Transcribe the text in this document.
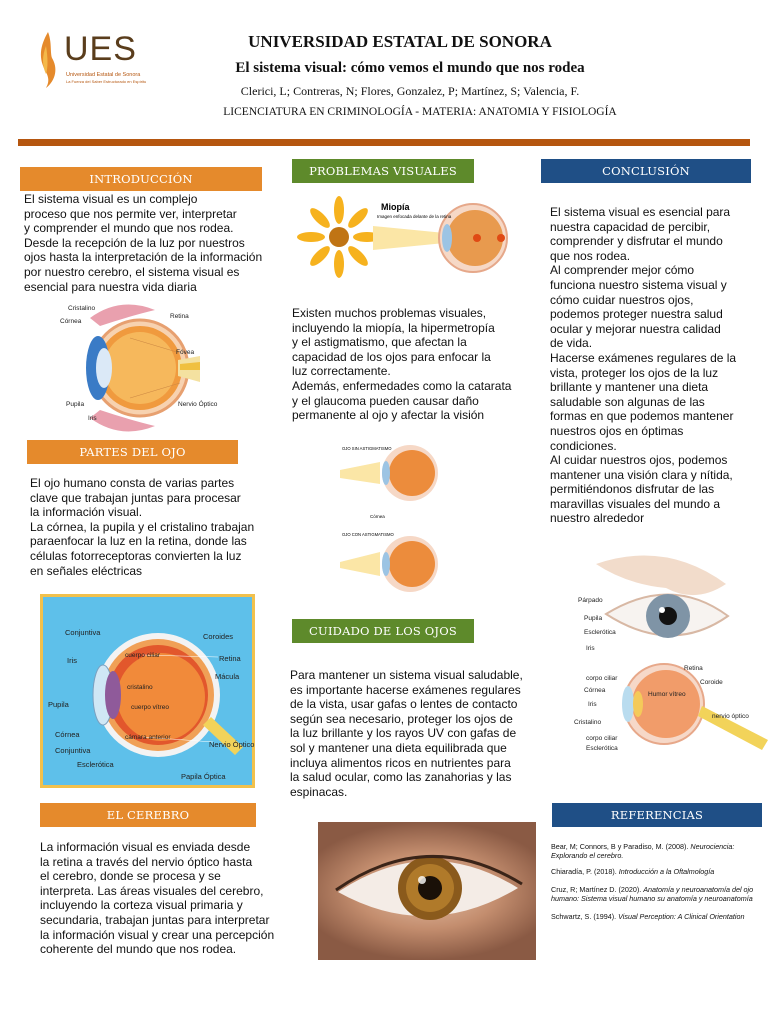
UES
Universidad Estatal de Sonora
La Fuerza del Saber Estructurado en Espíritu
UNIVERSIDAD ESTATAL DE SONORA
El sistema visual: cómo vemos el mundo que nos rodea
Clerici, L; Contreras, N; Flores, Gonzalez, P; Martínez, S; Valencia, F.
LICENCIATURA EN CRIMINOLOGÍA - MATERIA: ANATOMIA Y FISIOLOGÍA
INTRODUCCIÓN
El sistema visual es un complejo
proceso que nos permite ver, interpretar
y comprender el mundo que nos rodea.
Desde la recepción de la luz por nuestros
ojos hasta la interpretación de la información
por nuestro cerebro, el sistema visual es
esencial para nuestra vida diaria
Cristalino
Córnea
Retina
Fóvea
Nervio Óptico
Pupila
Iris
PARTES DEL OJO
El ojo humano consta de varias partes
clave que trabajan juntas para procesar
la información visual.
La córnea, la pupila y el cristalino trabajan
paraenfocar la luz en la retina, donde las
células fotorreceptoras convierten la luz
en señales eléctricas
Conjuntiva
Iris
Pupila
Córnea
Conjuntiva
Esclerótica
Coroides
Retina
Mácula
Nervio Óptico
Papila Óptica
cuerpo ciliar
cristalino
cuerpo vítreo
cámara anterior
EL CEREBRO
La información visual es enviada desde
la retina a través del nervio óptico hasta
el cerebro, donde se procesa y se
interpreta. Las áreas visuales del cerebro,
incluyendo la corteza visual primaria y
secundaria, trabajan juntas para interpretar
la información visual y crear una percepción
coherente del mundo que nos rodea.
PROBLEMAS VISUALES
Miopía
Imagen enfocada delante de la retina
Existen muchos problemas visuales,
incluyendo la miopía, la hipermetropía
y el astigmatismo, que afectan la
capacidad de los ojos para enfocar la
luz correctamente.
Además, enfermedades como la catarata
y el glaucoma pueden causar daño
permanente al ojo y afectar la visión
OJO SIN ASTIGMATISMO
Córnea
OJO CON ASTIGMATISMO
CUIDADO DE LOS OJOS
Para mantener un sistema visual saludable,
es importante hacerse exámenes regulares
de la vista, usar gafas o lentes de contacto
según sea necesario, proteger los ojos de
la luz brillante y los rayos UV con gafas de
sol y mantener una dieta equilibrada que
incluya alimentos ricos en nutrientes para
la salud ocular, como las zanahorias y las
espinacas.
CONCLUSIÓN
El sistema visual es esencial para
nuestra capacidad de percibir,
comprender y disfrutar el mundo
que nos rodea.
Al comprender mejor cómo
funciona nuestro sistema visual y
cómo cuidar nuestros ojos,
podemos proteger nuestra salud
ocular y mejorar nuestra calidad
de vida.
Hacerse exámenes regulares de la
vista, proteger los ojos de la luz
brillante y mantener una dieta
saludable son algunas de las
formas en que podemos mantener
nuestros ojos en óptimas
condiciones.
Al cuidar nuestros ojos, podemos
mantener una visión clara y nítida,
permitiéndonos disfrutar de las
maravillas visuales del mundo a
nuestro alrededor
Párpado
Pupila
Esclerótica
Iris
Retina
Coroide
corpo ciliar
Córnea
Iris
Humor vítreo
nervio óptico
Cristalino
corpo ciliar
Esclerótica
REFERENCIAS
Bear, M; Connors, B y Paradiso, M. (2008). Neurociencia: Explorando el cerebro.
Chiaradía, P. (2018). Introducción a la Oftalmología
Cruz, R; Martínez D. (2020). Anatomía y neuroanatomía del ojo humano: Sistema visual humano su anatomía y neuroanatomía
Schwartz, S. (1994). Visual Perception: A Clinical Orientation
